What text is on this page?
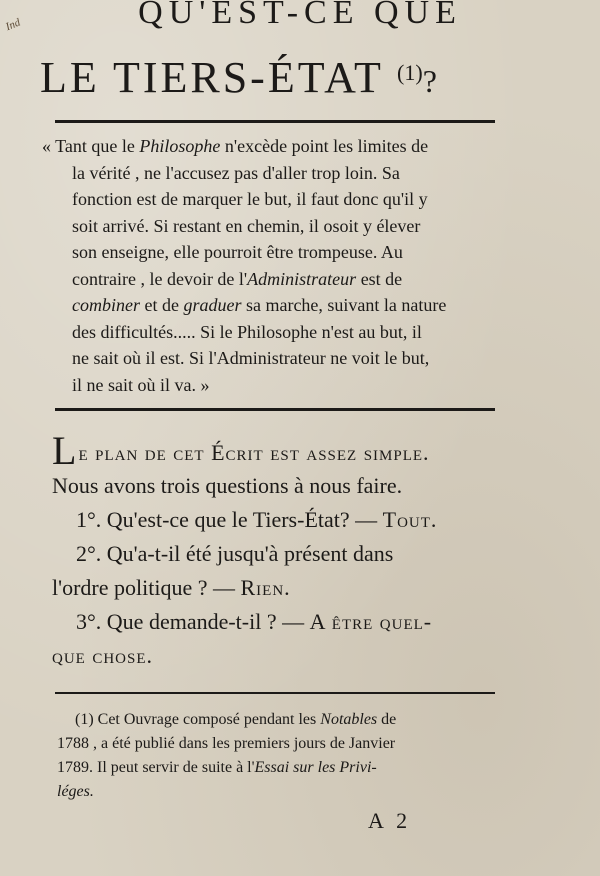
Ind	QU'EST-CE QUE
LE TIERS-ÉTAT $^{(1)}$?
« Tant que le Philosophe n'excède point les limites de
la vérité , ne l'accusez pas d'aller trop loin. Sa
fonction est de marquer le but, il faut donc qu'il y
soit arrivé. Si restant en chemin, il osoit y élever
son enseigne, elle pourroit être trompeuse. Au
contraire , le devoir de l'Administrateur est de
combiner et de graduer sa marche, suivant la nature
des difficultés..... Si le Philosophe n'est au but, il
ne sait où il est. Si l'Administrateur ne voit le but,
il ne sait où il va. »
Le plan de cet Écrit est assez simple.
Nous avons trois questions à nous faire.
1°. Qu'est-ce que le Tiers-État? — Tout.
2°. Qu'a-t-il été jusqu'à présent dans
l'ordre politique ? — Rien.
3°. Que demande-t-il ? — A être quel-
que chose.
(1) Cet Ouvrage composé pendant les Notables de
1788 , a été publié dans les premiers jours de Janvier
1789. Il peut servir de suite à l'Essai sur les Privi-
léges.
A 2
